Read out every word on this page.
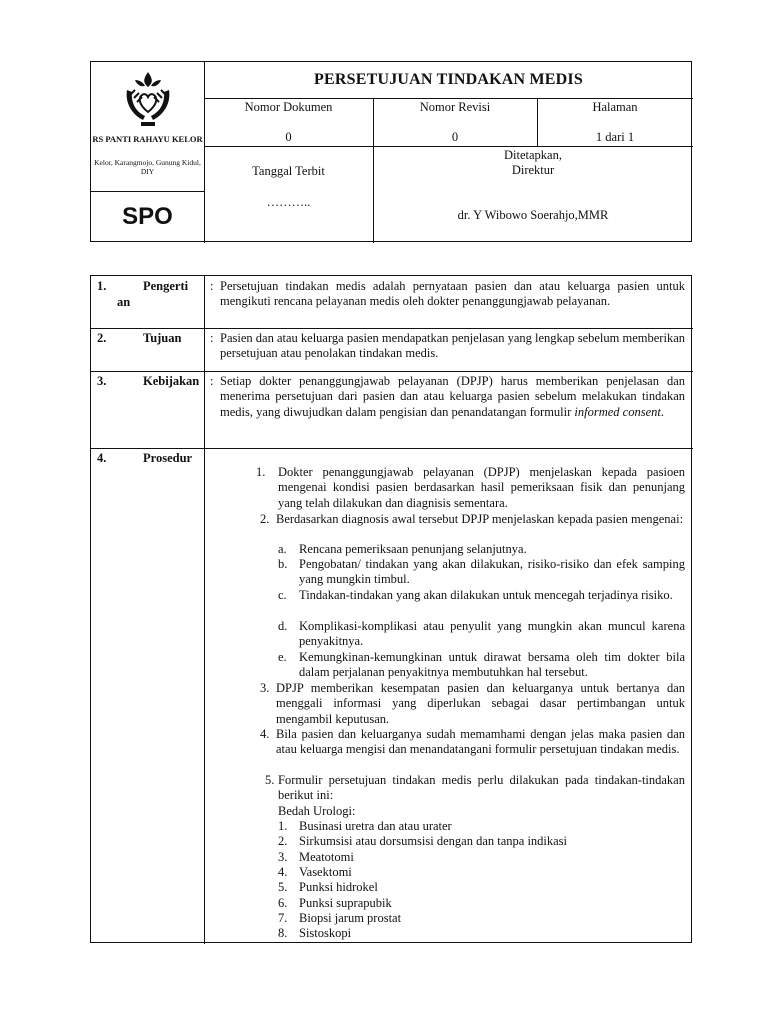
RS PANTI RAHAYU KELOR
Kelor, Karangmojo, Gunung Kidul, DIY
SPO
PERSETUJUAN TINDAKAN MEDIS
Nomor Dokumen
0
Nomor Revisi
0
Halaman
1 dari 1
Tanggal Terbit
………..
Ditetapkan,
Direktur
dr. Y Wibowo Soerahjo,MMR
1.	Pengerti
an
: Persetujuan tindakan medis adalah pernyataan pasien dan atau keluarga pasien untuk mengikuti rencana pelayanan medis oleh dokter penanggungjawab pelayanan.
2.	Tujuan : Pasien dan atau keluarga pasien mendapatkan penjelasan yang lengkap sebelum memberikan persetujuan atau penolakan tindakan medis.
3.	Kebijakan : Setiap dokter penanggungjawab pelayanan (DPJP) harus memberikan penjelasan dan menerima persetujuan dari pasien dan atau keluarga pasien sebelum melakukan tindakan medis, yang diwujudkan dalam pengisian dan penandatangan formulir informed consent.
4.	Prosedur
1. Dokter penanggungjawab pelayanan (DPJP) menjelaskan kepada pasioen mengenai kondisi pasien berdasarkan hasil pemeriksaan fisik dan penunjang yang telah dilakukan dan diagnisis sementara.
2. Berdasarkan diagnosis awal tersebut DPJP menjelaskan kepada pasien mengenai:
a. Rencana pemeriksaan penunjang selanjutnya.
b. Pengobatan/ tindakan yang akan dilakukan, risiko-risiko dan efek samping yang mungkin timbul.
c. Tindakan-tindakan yang akan dilakukan untuk mencegah terjadinya risiko.
d. Komplikasi-komplikasi atau penyulit yang mungkin akan muncul karena penyakitnya.
e. Kemungkinan-kemungkinan untuk dirawat bersama oleh tim dokter bila dalam perjalanan penyakitnya membutuhkan hal tersebut.
3. DPJP memberikan kesempatan pasien dan keluarganya untuk bertanya dan menggali informasi yang diperlukan sebagai dasar pertimbangan untuk mengambil keputusan.
4. Bila pasien dan keluarganya sudah memamhami dengan jelas maka pasien dan atau keluarga mengisi dan menandatangani formulir persetujuan tindakan medis.
5. Formulir persetujuan tindakan medis perlu dilakukan pada tindakan-tindakan berikut ini:
Bedah Urologi:
1. Businasi uretra dan atau urater
2. Sirkumsisi atau dorsumsisi dengan dan tanpa indikasi
3. Meatotomi
4. Vasektomi
5. Punksi hidrokel
6. Punksi suprapubik
7. Biopsi jarum prostat
8. Sistoskopi
